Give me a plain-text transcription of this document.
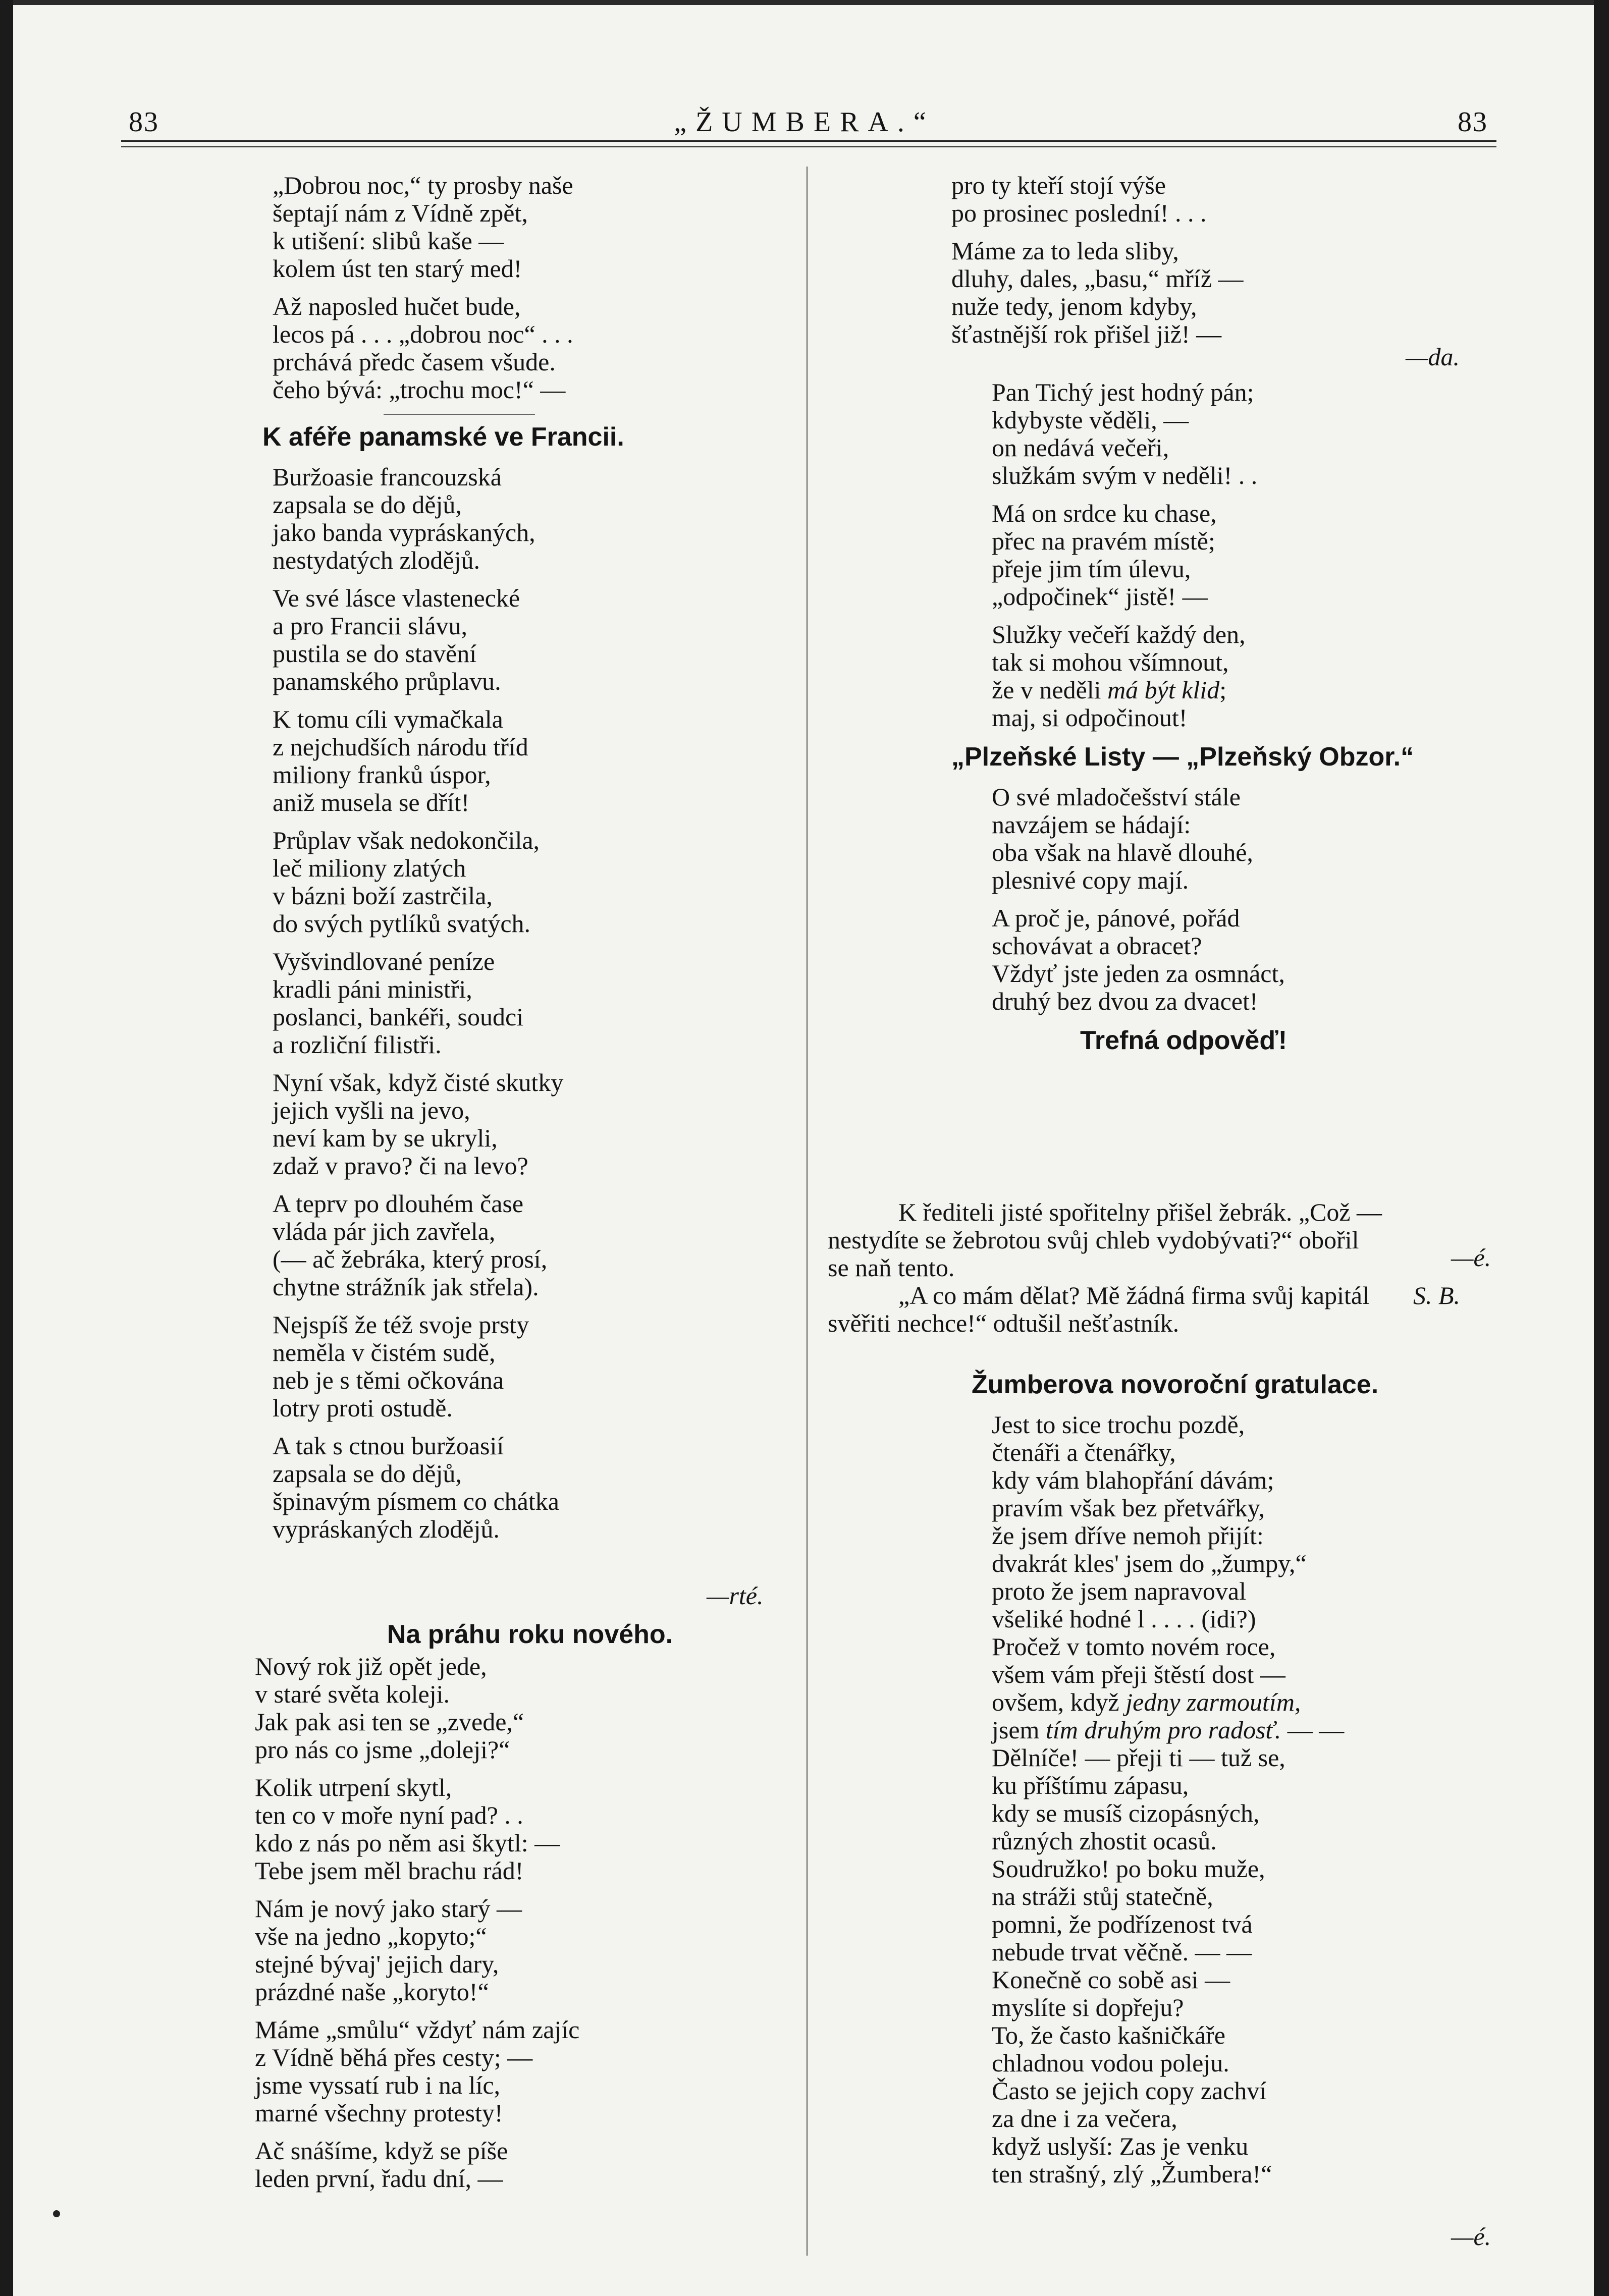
83	„ŽUMBERA.“	83
„Dobrou noc,“ ty prosby naše
šeptají nám z Vídně zpět,
k utišení: slibů kaše —
kolem úst ten starý med!
Až naposled hučet bude,
lecos pá . . . „dobrou noc“ . . .
prchává předc časem všude.
čeho bývá: „trochu moc!“ —
K aféře panamské ve Francii.
Buržoasie francouzská
zapsala se do dějů,
jako banda vypráskaných,
nestydatých zlodějů.
Ve své lásce vlastenecké
a pro Francii slávu,
pustila se do stavění
panamského průplavu.
K tomu cíli vymačkala
z nejchudších národu tříd
miliony franků úspor,
aniž musela se dřít!
Průplav však nedokončila,
leč miliony zlatých
v bázni boží zastrčila,
do svých pytlíků svatých.
Vyšvindlované peníze
kradli páni ministři,
poslanci, bankéři, soudci
a rozliční filistři.
Nyní však, když čisté skutky
jejich vyšli na jevo,
neví kam by se ukryli,
zdaž v pravo? či na levo?
A teprv po dlouhém čase
vláda pár jich zavřela,
(— ač žebráka, který prosí,
chytne strážník jak střela).
Nejspíš že též svoje prsty
neměla v čistém sudě,
neb je s těmi očkována
lotry proti ostudě.
A tak s ctnou buržoasií
zapsala se do dějů,
špinavým písmem co chátka
vypráskaných zlodějů.
—rté.
Na práhu roku nového.
Nový rok již opět jede,
v staré světa koleji.
Jak pak asi ten se „zvede,“
pro nás co jsme „doleji?“
Kolik utrpení skytl,
ten co v moře nyní pad? . .
kdo z nás po něm asi škytl: —
Tebe jsem měl brachu rád!
Nám je nový jako starý —
vše na jedno „kopyto;“
stejné bývaj' jejich dary,
prázdné naše „koryto!“
Máme „smůlu“ vždyť nám zajíc
z Vídně běhá přes cesty; —
jsme vyssatí rub i na líc,
marné všechny protesty!
Ač snášíme, když se píše
leden první, řadu dní, —
pro ty kteří stojí výše
po prosinec poslední! . . .
Máme za to leda sliby,
dluhy, dales, „basu,“ mříž —
nuže tedy, jenom kdyby,
šťastnější rok přišel již! —
—da.
Pan Tichý jest hodný pán;
kdybyste věděli, —
on nedává večeři,
služkám svým v neděli! . .
Má on srdce ku chase,
přec na pravém místě;
přeje jim tím úlevu,
„odpočinek“ jistě! —
Služky večeří každý den,
tak si mohou všímnout,
že v neděli má být klid;
maj, si odpočinout!
„Plzeňské Listy — „Plzeňský Obzor.“
O své mladočešství stále
navzájem se hádají:
oba však na hlavě dlouhé,
plesnivé copy mají.
A proč je, pánové, pořád
schovávat a obracet?
Vždyť jste jeden za osmnáct,
druhý bez dvou za dvacet!
—é.
Trefná odpověď!
K řediteli jisté spořitelny přišel žebrák. „Což —
nestydíte se žebrotou svůj chleb vydobývati?“ obořil
se naň tento.
„A co mám dělat? Mě žádná firma svůj kapitál
svěřiti nechce!“ odtušil nešťastník.
S. B.
Žumberova novoroční gratulace.
Jest to sice trochu pozdě,
čtenáři a čtenářky,
kdy vám blahopřání dávám;
pravím však bez přetvářky,
že jsem dříve nemoh přijít:
dvakrát kles' jsem do „žumpy,“
proto že jsem napravoval
všeliké hodné l . . . . (idi?)
Pročež v tomto novém roce,
všem vám přeji štěstí dost —
ovšem, když jedny zarmoutím,
jsem tím druhým pro radosť. — —
Dělníče! — přeji ti — tuž se,
ku příštímu zápasu,
kdy se musíš cizopásných,
různých zhostit ocasů.
Soudružko! po boku muže,
na stráži stůj statečně,
pomni, že podřízenost tvá
nebude trvat věčně. — —
Konečně co sobě asi —
myslíte si dopřeju?
To, že často kašničkáře
chladnou vodou poleju.
Často se jejich copy zachví
za dne i za večera,
když uslyší: Zas je venku
ten strašný, zlý „Žumbera!“
—é.
